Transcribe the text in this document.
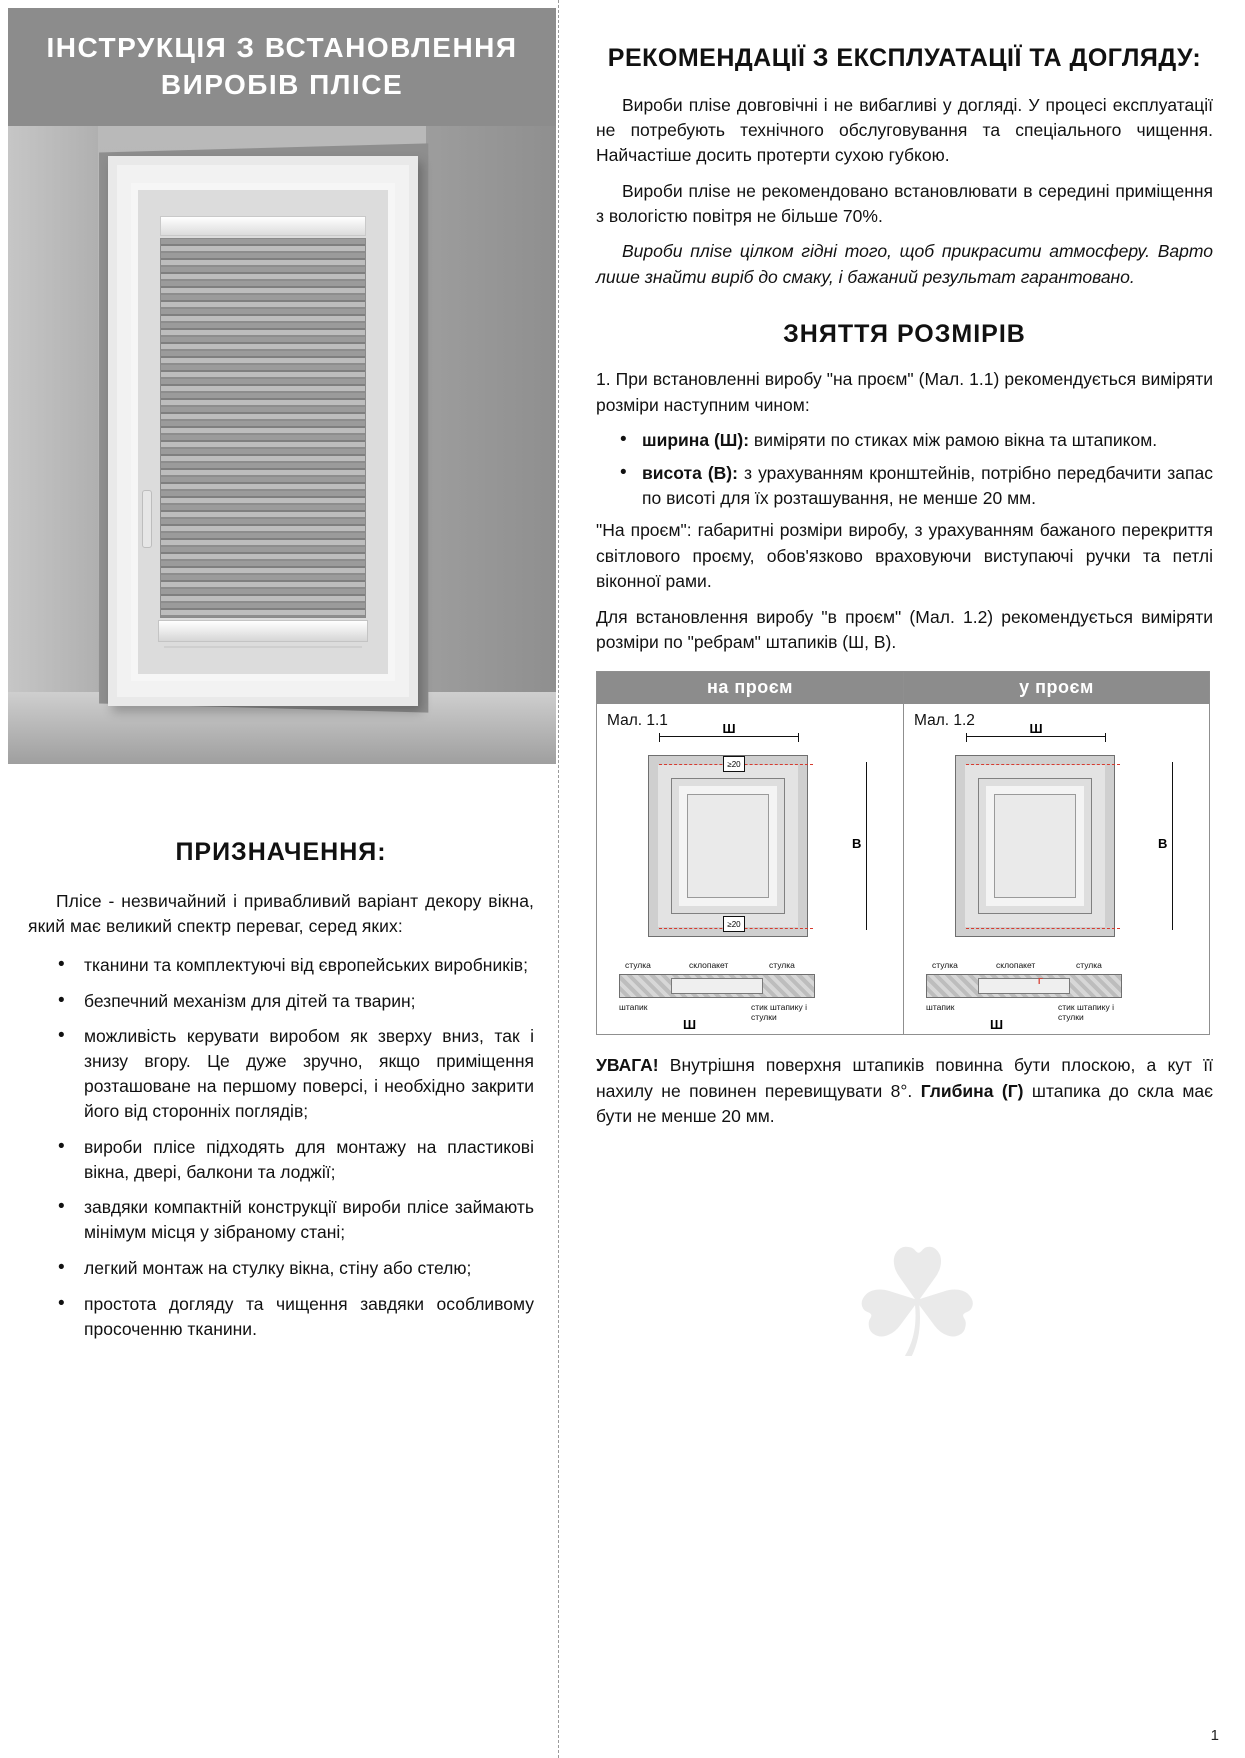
ІНСТРУКЦІЯ З ВСТАНОВЛЕННЯ ВИРОБІВ ПЛІСЕ
ПРИЗНАЧЕННЯ:

Плісе - незвичайний і привабливий варіант декору вікна, який має великий спектр переваг, серед яких:

• тканини та комплектуючі від європейських виробників;
• безпечний механізм для дітей та тварин;
• можливість керувати виробом як зверху вниз, так і знизу вгору. Це дуже зручно, якщо приміщення розташоване на першому поверсі, і необхідно закрити його від сторонніх поглядів;
• вироби плісе підходять для монтажу на пластикові вікна, двері, балкони та лоджії;
• завдяки компактній конструкції вироби плісе займають мінімум місця у зібраному стані;
• легкий монтаж на стулку вікна, стіну або стелю;
• простота догляду та чищення завдяки особливому просоченню тканини.
РЕКОМЕНДАЦІЇ З ЕКСПЛУАТАЦІЇ ТА ДОГЛЯДУ:

Вироби пліse довговічні і не вибагливі у догляді. У процесі експлуатації не потребують технічного обслуговування та спеціального чищення. Найчастіше досить протерти сухою губкою.

Вироби пліse не рекомендовано встановлювати в середині приміщення з вологістю повітря не більше 70%.

Вироби пліse цілком гідні того, щоб прикрасити атмосферу. Варто лише знайти виріб до смаку, і бажаний результат гарантовано.

ЗНЯТТЯ РОЗМІРІВ

1. При встановленні виробу "на проєм" (Мал. 1.1) рекомендується виміряти розміри наступним чином:

• ширина (Ш): виміряти по стиках між рамою вікна та штапиком.
• висота (В): з урахуванням кронштейнів, потрібно передбачити запас по висоті для їх розташування, не менше 20 мм.

"На проєм": габаритні розміри виробу, з урахуванням бажаного перекриття світлового проєму, обов'язково враховуючи виступаючі ручки та петлі віконної рами.

Для встановлення виробу "в проєм" (Мал. 1.2) рекомендується виміряти розміри по "ребрам" штапиків (Ш, В).

на проєм
Мал. 1.1	Ш
≥20
≥20
В
стулка	склопакет	стулка
штапик	стик штапику і стулки
Ш
у проєм
Мал. 1.2	Ш
В
стулка	склопакет	стулка
штапик	стик штапику і стулки
Г
Ш

УВАГА! Внутрішня поверхня штапиків повинна бути плоскою, а кут її нахилу не повинен перевищувати 8°. Глибина (Г) штапика до скла має бути не менше 20 мм.

☘
1
